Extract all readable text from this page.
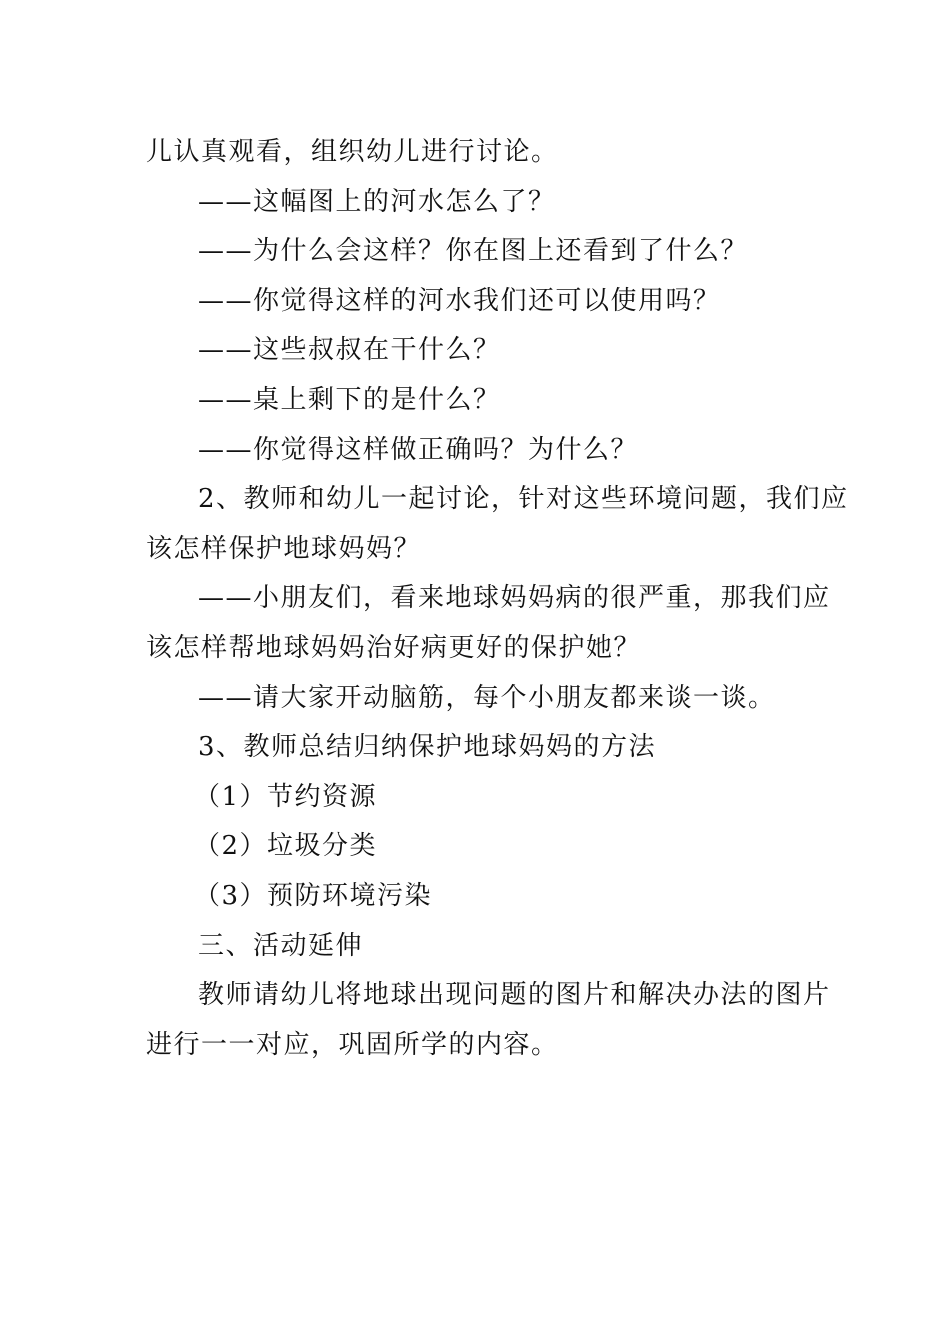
儿认真观看，组织幼儿进行讨论。
——这幅图上的河水怎么了？
——为什么会这样？你在图上还看到了什么？
——你觉得这样的河水我们还可以使用吗？
——这些叔叔在干什么？
——桌上剩下的是什么？
——你觉得这样做正确吗？为什么？
2、教师和幼儿一起讨论，针对这些环境问题，我们应
该怎样保护地球妈妈？
——小朋友们，看来地球妈妈病的很严重，那我们应
该怎样帮地球妈妈治好病更好的保护她？
——请大家开动脑筋，每个小朋友都来谈一谈。
3、教师总结归纳保护地球妈妈的方法
（1）节约资源
（2）垃圾分类
（3）预防环境污染
三、活动延伸
教师请幼儿将地球出现问题的图片和解决办法的图片
进行一一对应，巩固所学的内容。
